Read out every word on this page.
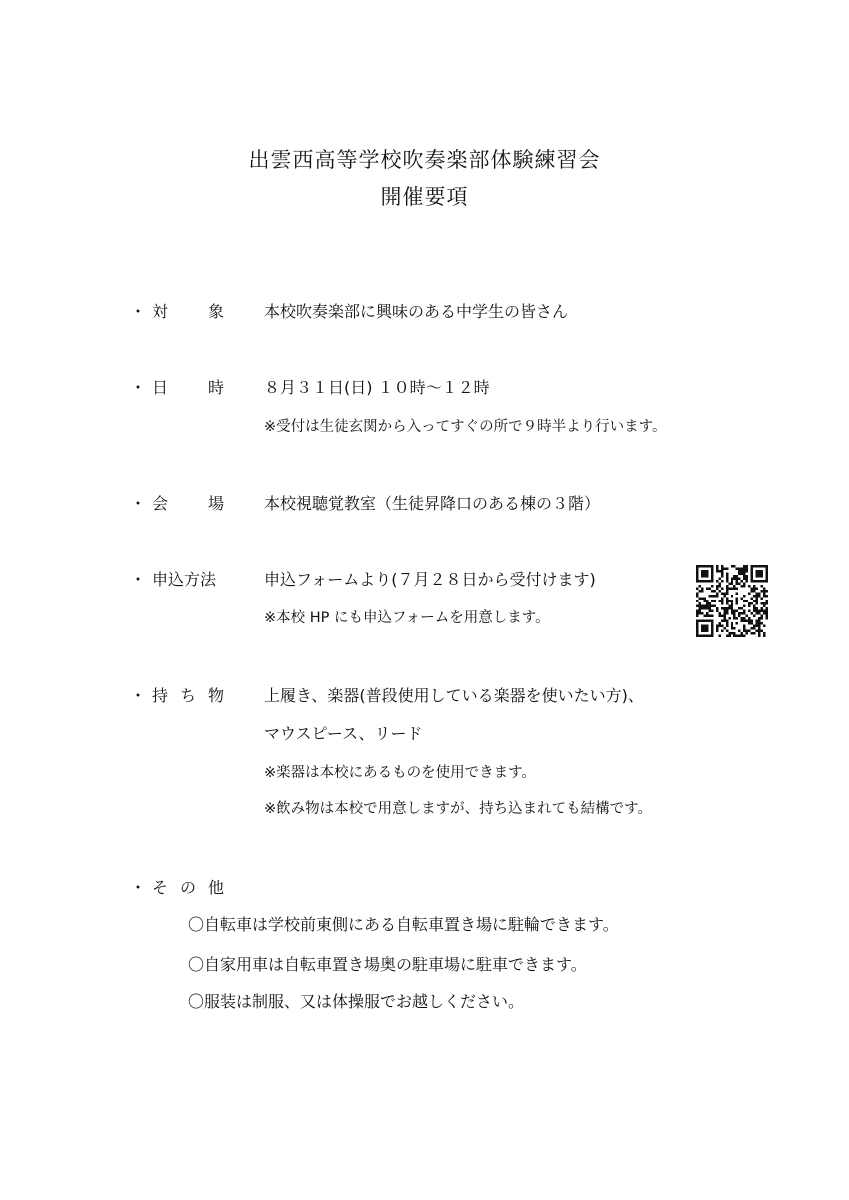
出雲西高等学校吹奏楽部体験練習会
開催要項
・ 対 象 本校吹奏楽部に興味のある中学生の皆さん
・ 日 時 ８月３１日(日) １０時～１２時
※受付は生徒玄関から入ってすぐの所で９時半より行います。
・ 会 場 本校視聴覚教室（生徒昇降口のある棟の３階）
・ 申込方法	申込フォームより(７月２８日から受付けます)
※本校 HP にも申込フォームを用意します。
・ 持 ち 物 上履き、楽器(普段使用している楽器を使いたい方)、
マウスピース、リード
※楽器は本校にあるものを使用できます。
※飲み物は本校で用意しますが、持ち込まれても結構です。
・ そ の 他
〇自転車は学校前東側にある自転車置き場に駐輪できます。
〇自家用車は自転車置き場奥の駐車場に駐車できます。
〇服装は制服、又は体操服でお越しください。
